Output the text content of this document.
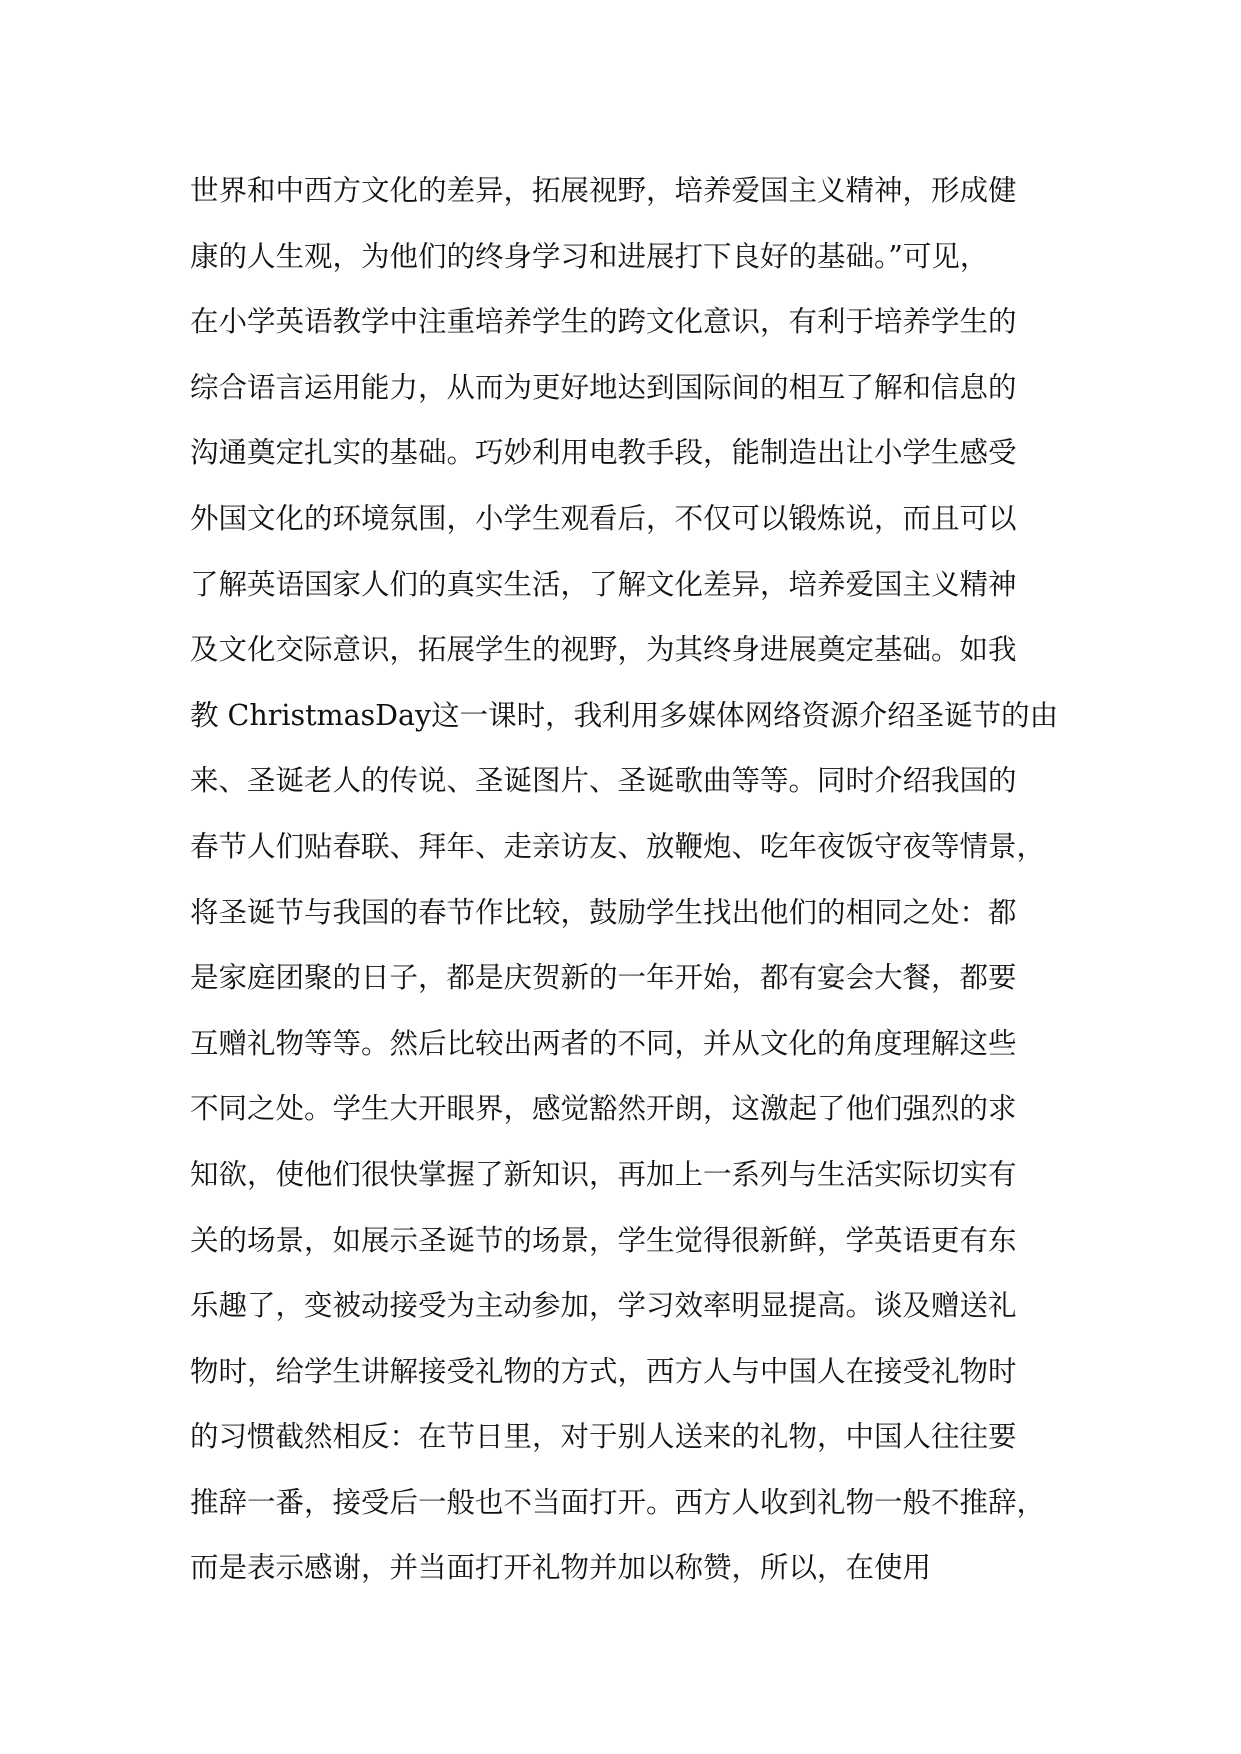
世界和中西方文化的差异，拓展视野，培养爱国主义精神，形成健
康的人生观，为他们的终身学习和进展打下良好的基础。”可见，
在小学英语教学中注重培养学生的跨文化意识，有利于培养学生的
综合语言运用能力，从而为更好地达到国际间的相互了解和信息的
沟通奠定扎实的基础。巧妙利用电教手段，能制造出让小学生感受
外国文化的环境氛围，小学生观看后，不仅可以锻炼说，而且可以
了解英语国家人们的真实生活，了解文化差异，培养爱国主义精神
及文化交际意识，拓展学生的视野，为其终身进展奠定基础。如我
教 ChristmasDay这一课时，我利用多媒体网络资源介绍圣诞节的由
来、圣诞老人的传说、圣诞图片、圣诞歌曲等等。同时介绍我国的
春节人们贴春联、拜年、走亲访友、放鞭炮、吃年夜饭守夜等情景，
将圣诞节与我国的春节作比较，鼓励学生找出他们的相同之处：都
是家庭团聚的日子，都是庆贺新的一年开始，都有宴会大餐，都要
互赠礼物等等。然后比较出两者的不同，并从文化的角度理解这些
不同之处。学生大开眼界，感觉豁然开朗，这激起了他们强烈的求
知欲，使他们很快掌握了新知识，再加上一系列与生活实际切实有
关的场景，如展示圣诞节的场景，学生觉得很新鲜，学英语更有东
乐趣了，变被动接受为主动参加，学习效率明显提高。谈及赠送礼
物时，给学生讲解接受礼物的方式，西方人与中国人在接受礼物时
的习惯截然相反：在节日里，对于别人送来的礼物，中国人往往要
推辞一番，接受后一般也不当面打开。西方人收到礼物一般不推辞，
而是表示感谢，并当面打开礼物并加以称赞，所以，在使用
